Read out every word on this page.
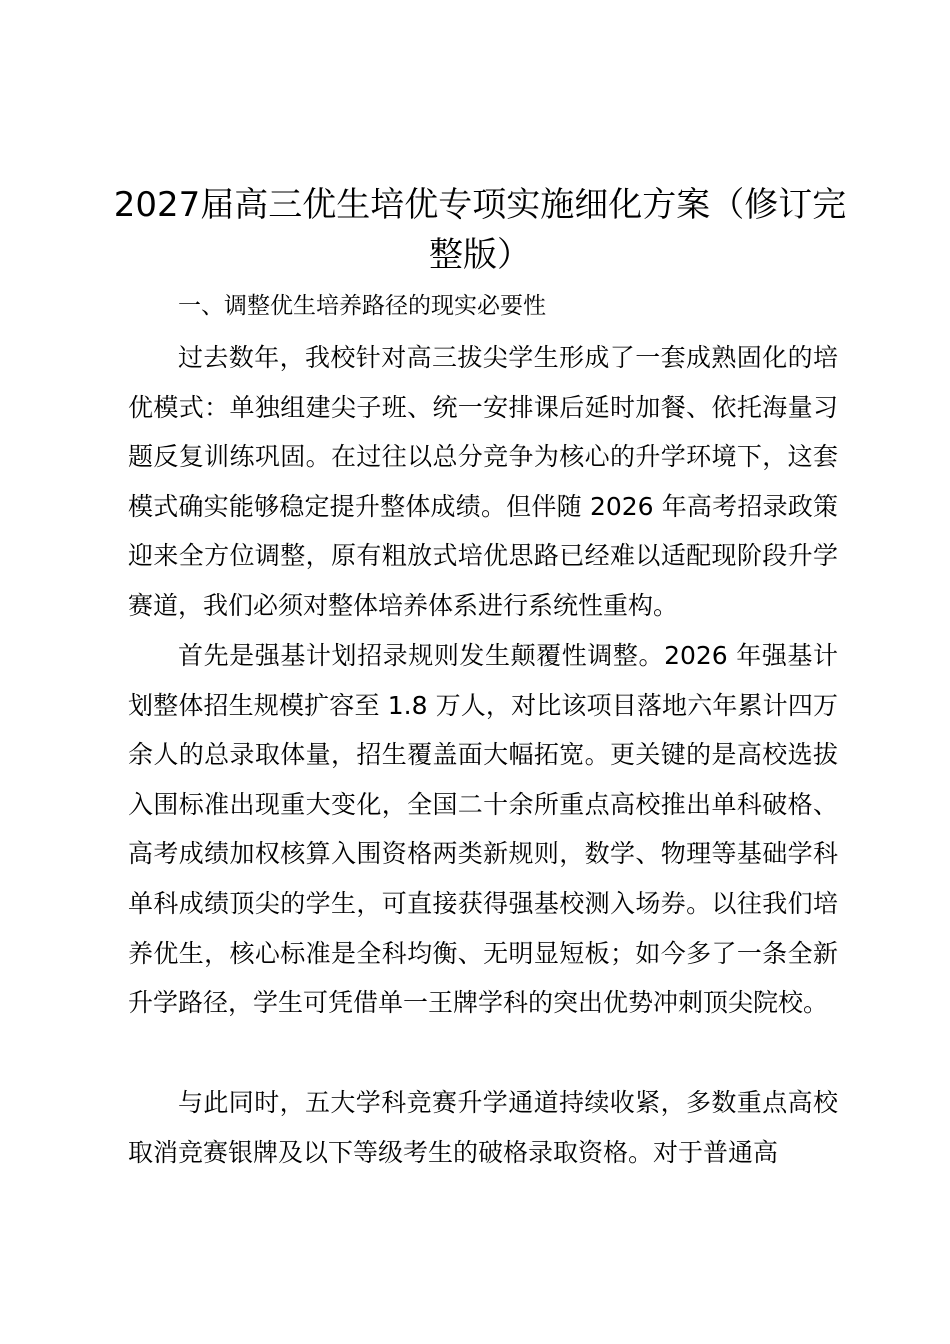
2027届高三优生培优专项实施细化方案（修订完整版）

一、调整优生培养路径的现实必要性

过去数年，我校针对高三拔尖学生形成了一套成熟固化的培优模式：单独组建尖子班、统一安排课后延时加餐、依托海量习题反复训练巩固。在过往以总分竞争为核心的升学环境下，这套模式确实能够稳定提升整体成绩。但伴随 2026 年高考招录政策迎来全方位调整，原有粗放式培优思路已经难以适配现阶段升学赛道，我们必须对整体培养体系进行系统性重构。

首先是强基计划招录规则发生颠覆性调整。2026 年强基计划整体招生规模扩容至 1.8 万人，对比该项目落地六年累计四万余人的总录取体量，招生覆盖面大幅拓宽。更关键的是高校选拔入围标准出现重大变化，全国二十余所重点高校推出单科破格、高考成绩加权核算入围资格两类新规则，数学、物理等基础学科单科成绩顶尖的学生，可直接获得强基校测入场券。以往我们培养优生，核心标准是全科均衡、无明显短板；如今多了一条全新升学路径，学生可凭借单一王牌学科的突出优势冲刺顶尖院校。

与此同时，五大学科竞赛升学通道持续收紧，多数重点高校取消竞赛银牌及以下等级考生的破格录取资格。对于普通高
